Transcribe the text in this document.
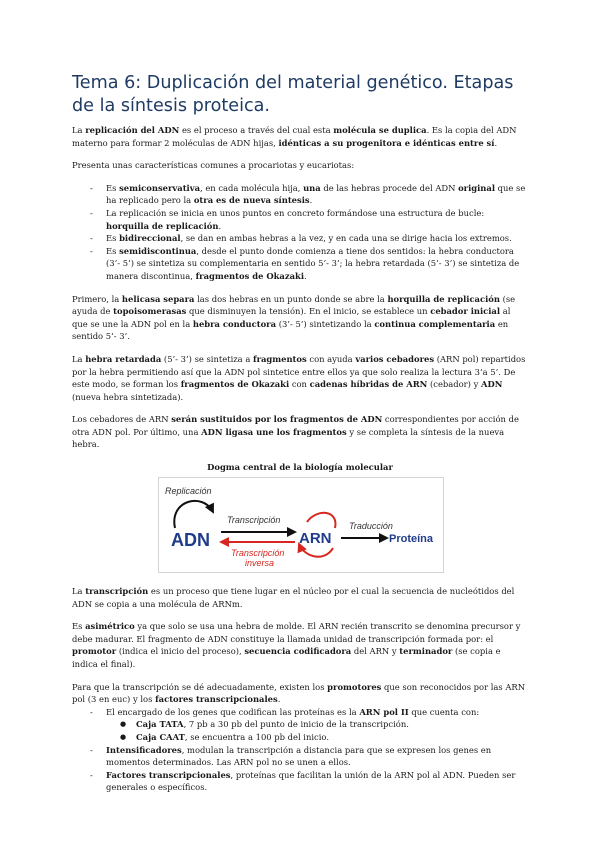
Tema 6: Duplicación del material genético. Etapas de la síntesis proteica.

La replicación del ADN es el proceso a través del cual esta molécula se duplica. Es la copia del ADN materno para formar 2 moléculas de ADN hijas, idénticas a su progenitora e idénticas entre sí.

Presenta unas características comunes a procariotas y eucariotas:

- Es semiconservativa, en cada molécula hija, una de las hebras procede del ADN original que se ha replicado pero la otra es de nueva síntesis.
- La replicación se inicia en unos puntos en concreto formándose una estructura de bucle: horquilla de replicación.
- Es bidireccional, se dan en ambas hebras a la vez, y en cada una se dirige hacia los extremos.
- Es semidiscontinua, desde el punto donde comienza a tiene dos sentidos: la hebra conductora (3’- 5’) se sintetiza su complementaria en sentido 5’- 3’; la hebra retardada (5’- 3’) se sintetiza de manera discontinua, fragmentos de Okazaki.

Primero, la helicasa separa las dos hebras en un punto donde se abre la horquilla de replicación (se ayuda de topoisomerasas que disminuyen la tensión). En el inicio, se establece un cebador inicial al que se une la ADN pol en la hebra conductora (3’- 5’) sintetizando la continua complementaria en sentido 5’- 3’.

La hebra retardada (5’- 3’) se sintetiza a fragmentos con ayuda varios cebadores (ARN pol) repartidos por la hebra permitiendo así que la ADN pol sintetice entre ellos ya que solo realiza la lectura 3’a 5’. De este modo, se forman los fragmentos de Okazaki con cadenas híbridas de ARN (cebador) y ADN (nueva hebra sintetizada).

Los cebadores de ARN serán sustituidos por los fragmentos de ADN correspondientes por acción de otra ADN pol. Por último, una ADN ligasa une los fragmentos y se completa la síntesis de la nueva hebra.

Dogma central de la biología molecular
Replicación
ADN
Transcripción
Transcripción
inversa
ARN
Traducción
Proteína

La transcripción es un proceso que tiene lugar en el núcleo por el cual la secuencia de nucleótidos del ADN se copia a una molécula de ARNm.

Es asimétrico ya que solo se usa una hebra de molde. El ARN recién transcrito se denomina precursor y debe madurar. El fragmento de ADN constituye la llamada unidad de transcripción formada por: el promotor (indica el inicio del proceso), secuencia codificadora del ARN y terminador (se copia e indica el final).

Para que la transcripción se dé adecuadamente, existen los promotores que son reconocidos por las ARN pol (3 en euc) y los factores transcripcionales.

- El encargado de los genes que codifican las proteínas es la ARN pol II que cuenta con:
● Caja TATA, 7 pb a 30 pb del punto de inicio de la transcripción.
● Caja CAAT, se encuentra a 100 pb del inicio.
- Intensificadores, modulan la transcripción a distancia para que se expresen los genes en momentos determinados. Las ARN pol no se unen a ellos.
- Factores transcripcionales, proteínas que facilitan la unión de la ARN pol al ADN. Pueden ser generales o específicos.
